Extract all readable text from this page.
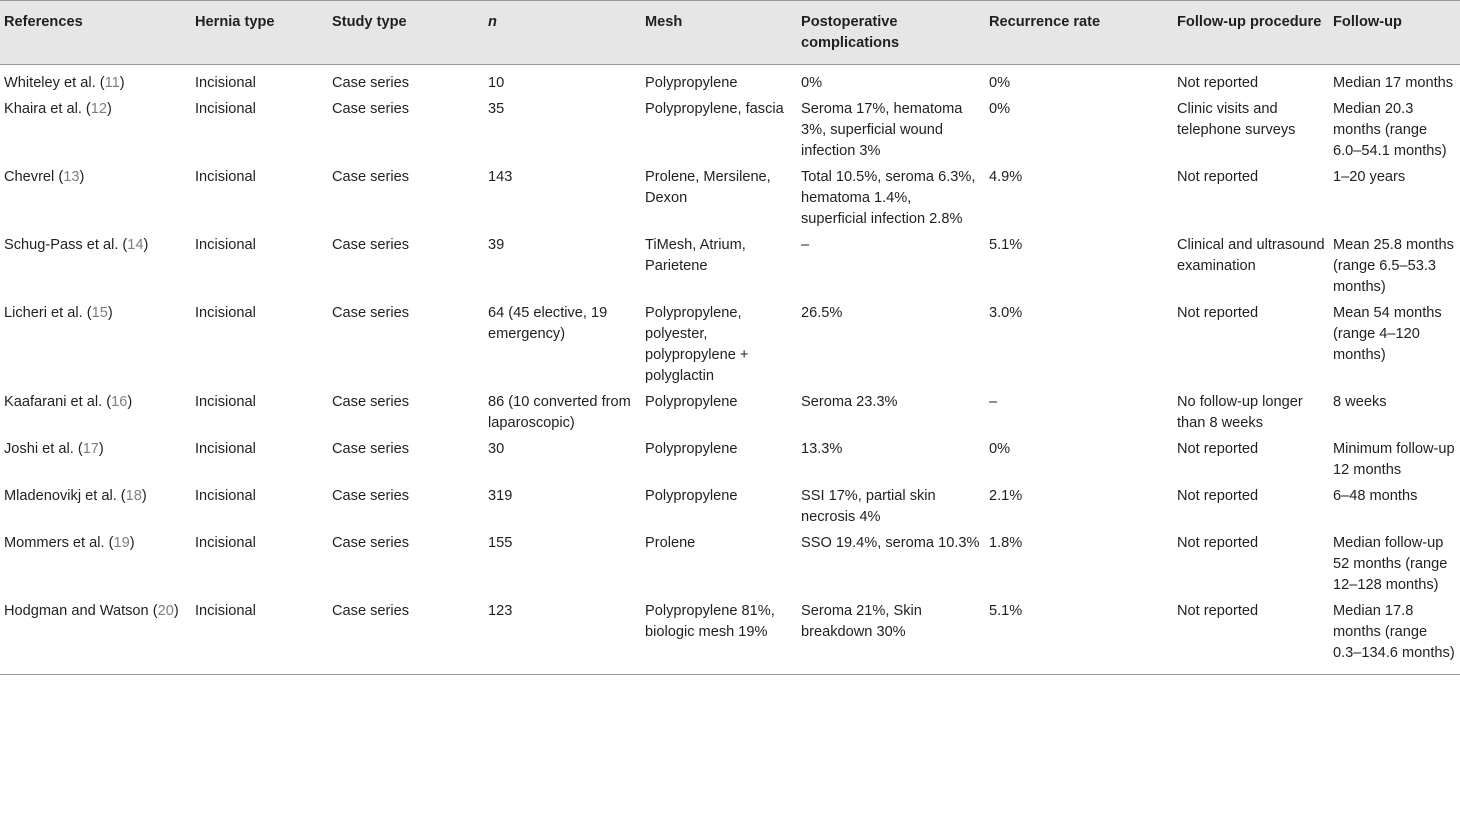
References	Hernia type	Study type	n	Mesh	Postoperative complications	Recurrence rate	Follow-up procedure	Follow-up
Whiteley et al. (11)	Incisional	Case series	10	Polypropylene	0%	0%	Not reported	Median 17 months
Khaira et al. (12)	Incisional	Case series	35	Polypropylene, fascia	Seroma 17%, hematoma 3%, superficial wound infection 3%	0%	Clinic visits and telephone surveys	Median 20.3 months (range 6.0–54.1 months)
Chevrel (13)	Incisional	Case series	143	Prolene, Mersilene, Dexon	Total 10.5%, seroma 6.3%, hematoma 1.4%, superficial infection 2.8%	4.9%	Not reported	1–20 years
Schug-Pass et al. (14)	Incisional	Case series	39	TiMesh, Atrium, Parietene	–	5.1%	Clinical and ultrasound examination	Mean 25.8 months (range 6.5–53.3 months)
Licheri et al. (15)	Incisional	Case series	64 (45 elective, 19 emergency)	Polypropylene, polyester, polypropylene + polyglactin	26.5%	3.0%	Not reported	Mean 54 months (range 4–120 months)
Kaafarani et al. (16)	Incisional	Case series	86 (10 converted from laparoscopic)	Polypropylene	Seroma 23.3%	–	No follow-up longer than 8 weeks	8 weeks
Joshi et al. (17)	Incisional	Case series	30	Polypropylene	13.3%	0%	Not reported	Minimum follow-up 12 months
Mladenovikj et al. (18)	Incisional	Case series	319	Polypropylene	SSI 17%, partial skin necrosis 4%	2.1%	Not reported	6–48 months
Mommers et al. (19)	Incisional	Case series	155	Prolene	SSO 19.4%, seroma 10.3%	1.8%	Not reported	Median follow-up 52 months (range 12–128 months)
Hodgman and Watson (20)	Incisional	Case series	123	Polypropylene 81%, biologic mesh 19%	Seroma 21%, Skin breakdown 30%	5.1%	Not reported	Median 17.8 months (range 0.3–134.6 months)
